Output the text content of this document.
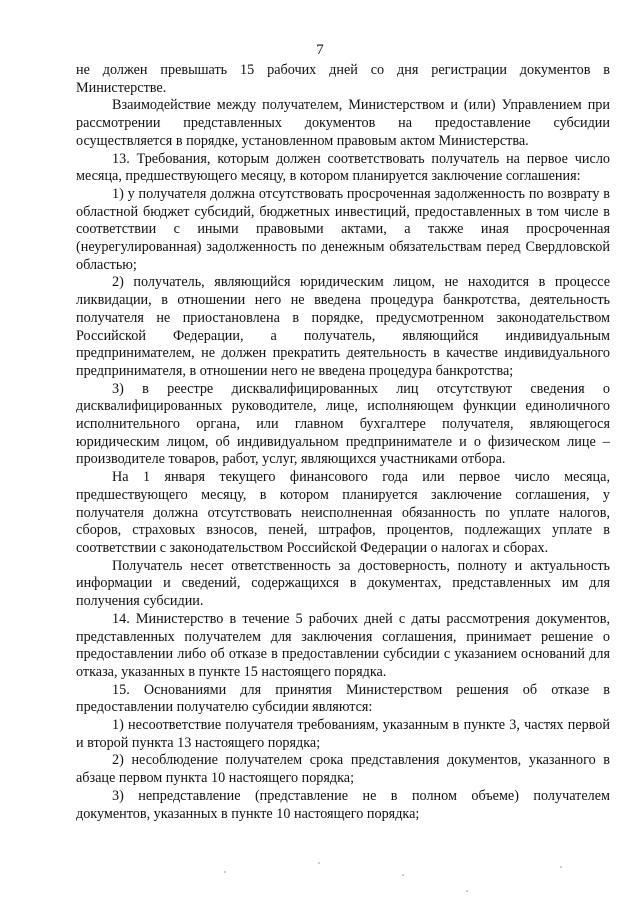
7

не должен превышать 15 рабочих дней со дня регистрации документов в Министерстве.

Взаимодействие между получателем, Министерством и (или) Управлением при рассмотрении представленных документов на предоставление субсидии осуществляется в порядке, установленном правовым актом Министерства.

13. Требования, которым должен соответствовать получатель на первое число месяца, предшествующего месяцу, в котором планируется заключение соглашения:

1) у получателя должна отсутствовать просроченная задолженность по возврату в областной бюджет субсидий, бюджетных инвестиций, предоставленных в том числе в соответствии с иными правовыми актами, а также иная просроченная (неурегулированная) задолженность по денежным обязательствам перед Свердловской областью;

2) получатель, являющийся юридическим лицом, не находится в процессе ликвидации, в отношении него не введена процедура банкротства, деятельность получателя не приостановлена в порядке, предусмотренном законодательством Российской Федерации, а получатель, являющийся индивидуальным предпринимателем, не должен прекратить деятельность в качестве индивидуального предпринимателя, в отношении него не введена процедура банкротства;

3) в реестре дисквалифицированных лиц отсутствуют сведения о дисквалифицированных руководителе, лице, исполняющем функции единоличного исполнительного органа, или главном бухгалтере получателя, являющегося юридическим лицом, об индивидуальном предпринимателе и о физическом лице – производителе товаров, работ, услуг, являющихся участниками отбора.

На 1 января текущего финансового года или первое число месяца, предшествующего месяцу, в котором планируется заключение соглашения, у получателя должна отсутствовать неисполненная обязанность по уплате налогов, сборов, страховых взносов, пеней, штрафов, процентов, подлежащих уплате в соответствии с законодательством Российской Федерации о налогах и сборах.

Получатель несет ответственность за достоверность, полноту и актуальность информации и сведений, содержащихся в документах, представленных им для получения субсидии.

14. Министерство в течение 5 рабочих дней с даты рассмотрения документов, представленных получателем для заключения соглашения, принимает решение о предоставлении либо об отказе в предоставлении субсидии с указанием оснований для отказа, указанных в пункте 15 настоящего порядка.

15. Основаниями для принятия Министерством решения об отказе в предоставлении получателю субсидии являются:

1) несоответствие получателя требованиям, указанным в пункте 3, частях первой и второй пункта 13 настоящего порядка;

2) несоблюдение получателем срока представления документов, указанного в абзаце первом пункта 10 настоящего порядка;

3) непредставление (представление не в полном объеме) получателем документов, указанных в пункте 10 настоящего порядка;
